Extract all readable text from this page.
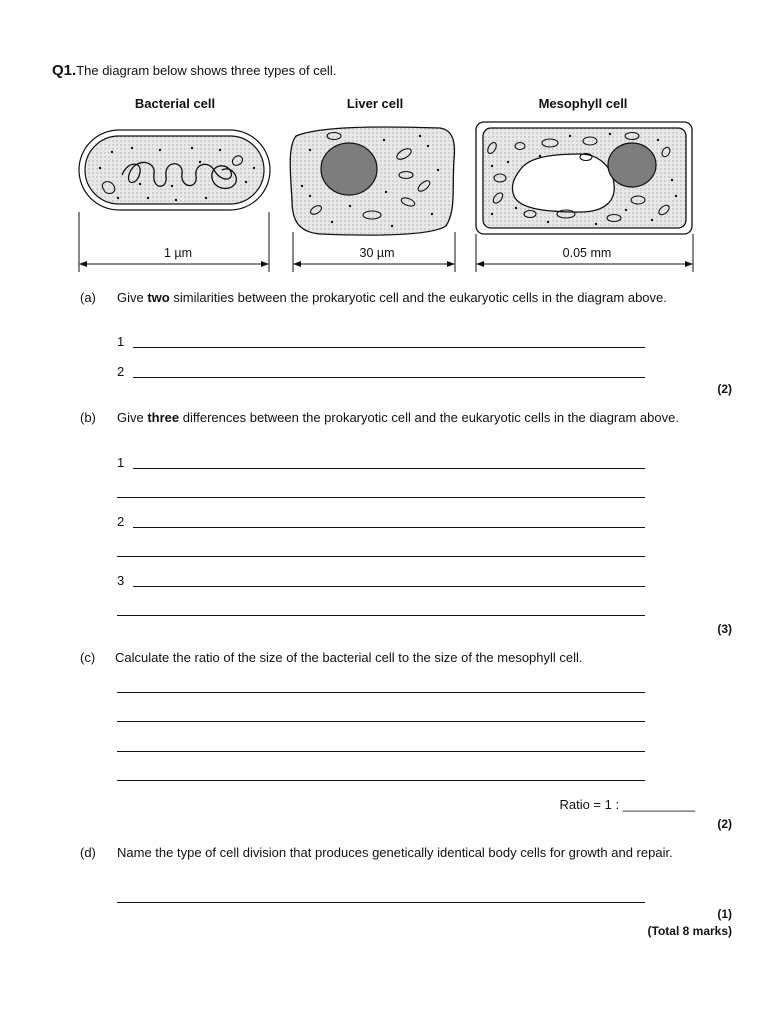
Q1.The diagram below shows three types of cell.
Bacterial cell	Liver cell	Mesophyll cell
1 µm	30 µm	0.05 mm
(a) Give two similarities between the prokaryotic cell and the eukaryotic cells in the diagram above.
1
2
(2)
(b) Give three differences between the prokaryotic cell and the eukaryotic cells in the diagram above.
1
2
3
(3)
(c) Calculate the ratio of the size of the bacterial cell to the size of the mesophyll cell.
Ratio = 1 : __________
(2)
(d) Name the type of cell division that produces genetically identical body cells for growth and repair.
(1)
(Total 8 marks)
